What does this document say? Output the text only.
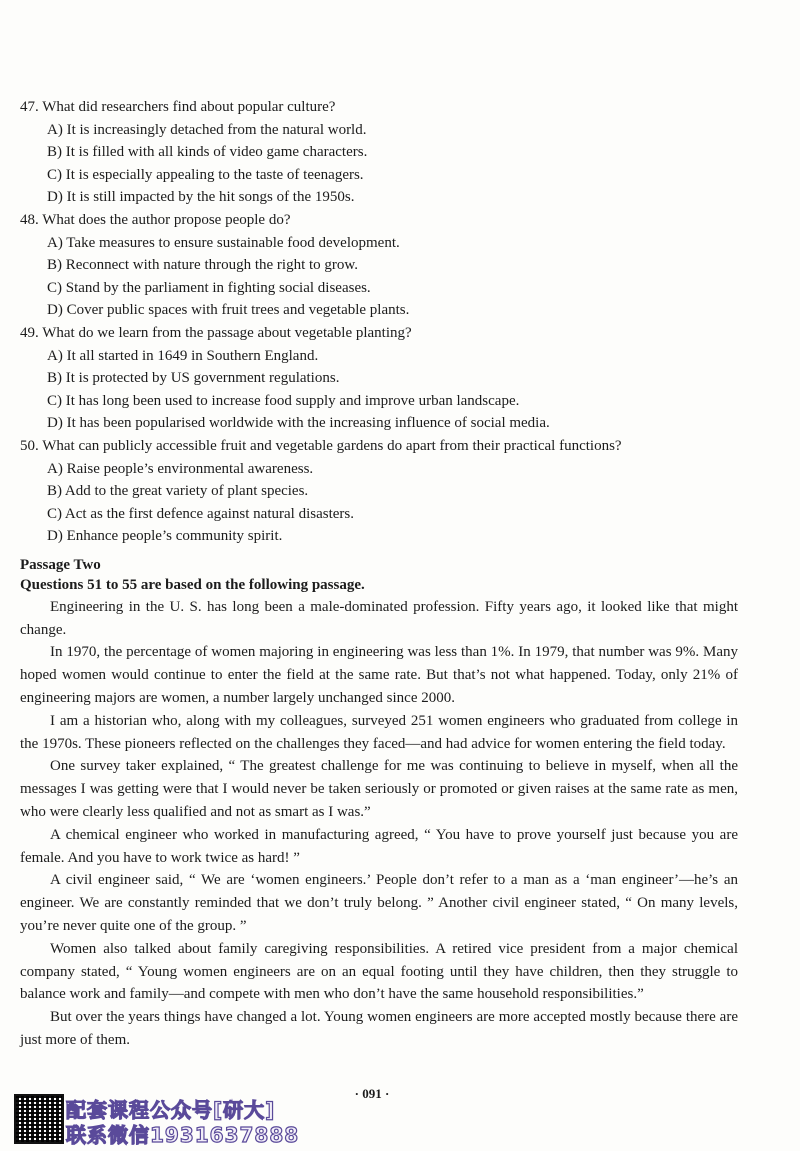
47. What did researchers find about popular culture?

A) It is increasingly detached from the natural world.

B) It is filled with all kinds of video game characters.

C) It is especially appealing to the taste of teenagers.

D) It is still impacted by the hit songs of the 1950s.

48. What does the author propose people do?

A) Take measures to ensure sustainable food development.

B) Reconnect with nature through the right to grow.

C) Stand by the parliament in fighting social diseases.

D) Cover public spaces with fruit trees and vegetable plants.

49. What do we learn from the passage about vegetable planting?

A) It all started in 1649 in Southern England.

B) It is protected by US government regulations.

C) It has long been used to increase food supply and improve urban landscape.

D) It has been popularised worldwide with the increasing influence of social media.

50. What can publicly accessible fruit and vegetable gardens do apart from their practical functions?

A) Raise people’s environmental awareness.

B) Add to the great variety of plant species.

C) Act as the first defence against natural disasters.

D) Enhance people’s community spirit.

Passage Two

Questions 51 to 55 are based on the following passage.

Engineering in the U. S. has long been a male-dominated profession. Fifty years ago, it looked like that might change.

In 1970, the percentage of women majoring in engineering was less than 1%. In 1979, that number was 9%. Many hoped women would continue to enter the field at the same rate. But that’s not what happened. Today, only 21% of engineering majors are women, a number largely unchanged since 2000.

I am a historian who, along with my colleagues, surveyed 251 women engineers who graduated from college in the 1970s. These pioneers reflected on the challenges they faced—and had advice for women entering the field today.

One survey taker explained, “ The greatest challenge for me was continuing to believe in myself, when all the messages I was getting were that I would never be taken seriously or promoted or given raises at the same rate as men, who were clearly less qualified and not as smart as I was.”

A chemical engineer who worked in manufacturing agreed, “ You have to prove yourself just because you are female. And you have to work twice as hard! ”

A civil engineer said, “ We are ‘women engineers.’ People don’t refer to a man as a ‘man engineer’—he’s an engineer. We are constantly reminded that we don’t truly belong. ” Another civil engineer stated, “ On many levels, you’re never quite one of the group. ”

Women also talked about family caregiving responsibilities. A retired vice president from a major chemical company stated, “ Young women engineers are on an equal footing until they have children, then they struggle to balance work and family—and compete with men who don’t have the same household responsibilities.”

But over the years things have changed a lot. Young women engineers are more accepted mostly because there are just more of them.

· 091 ·
配套课程公众号[研大]
联系微信1931637888
